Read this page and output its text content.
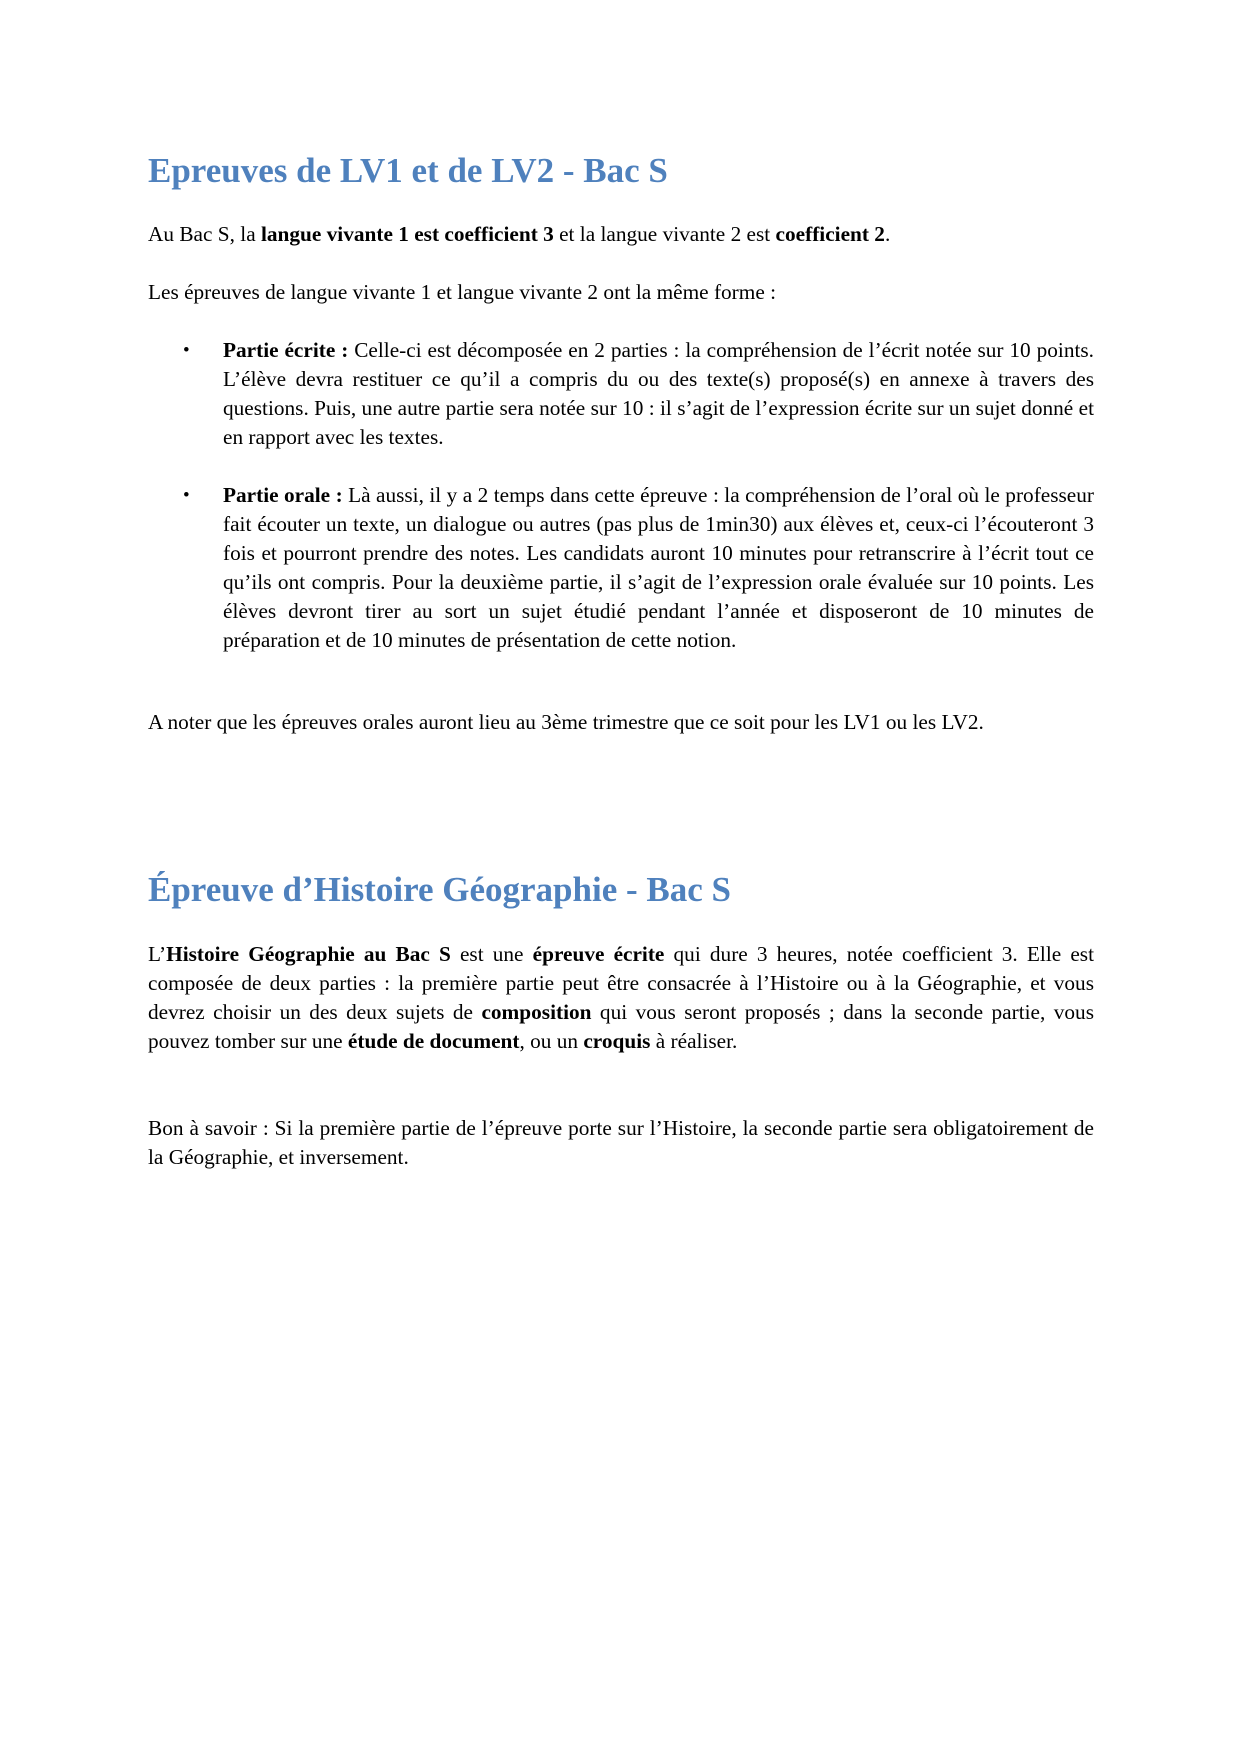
Epreuves de LV1 et de LV2 - Bac S

Au Bac S, la langue vivante 1 est coefficient 3 et la langue vivante 2 est coefficient 2.

Les épreuves de langue vivante 1 et langue vivante 2 ont la même forme :

• Partie écrite : Celle-ci est décomposée en 2 parties : la compréhension de l’écrit notée sur 10 points. L’élève devra restituer ce qu’il a compris du ou des texte(s) proposé(s) en annexe à travers des questions. Puis, une autre partie sera notée sur 10 : il s’agit de l’expression écrite sur un sujet donné et en rapport avec les textes.
• Partie orale : Là aussi, il y a 2 temps dans cette épreuve : la compréhension de l’oral où le professeur fait écouter un texte, un dialogue ou autres (pas plus de 1min30) aux élèves et, ceux-ci l’écouteront 3 fois et pourront prendre des notes. Les candidats auront 10 minutes pour retranscrire à l’écrit tout ce qu’ils ont compris. Pour la deuxième partie, il s’agit de l’expression orale évaluée sur 10 points. Les élèves devront tirer au sort un sujet étudié pendant l’année et disposeront de 10 minutes de préparation et de 10 minutes de présentation de cette notion.

A noter que les épreuves orales auront lieu au 3ème trimestre que ce soit pour les LV1 ou les LV2.

Épreuve d’Histoire Géographie - Bac S

L’Histoire Géographie au Bac S est une épreuve écrite qui dure 3 heures, notée coefficient 3. Elle est composée de deux parties : la première partie peut être consacrée à l’Histoire ou à la Géographie, et vous devrez choisir un des deux sujets de composition qui vous seront proposés ; dans la seconde partie, vous pouvez tomber sur une étude de document, ou un croquis à réaliser.

Bon à savoir : Si la première partie de l’épreuve porte sur l’Histoire, la seconde partie sera obligatoirement de la Géographie, et inversement.
